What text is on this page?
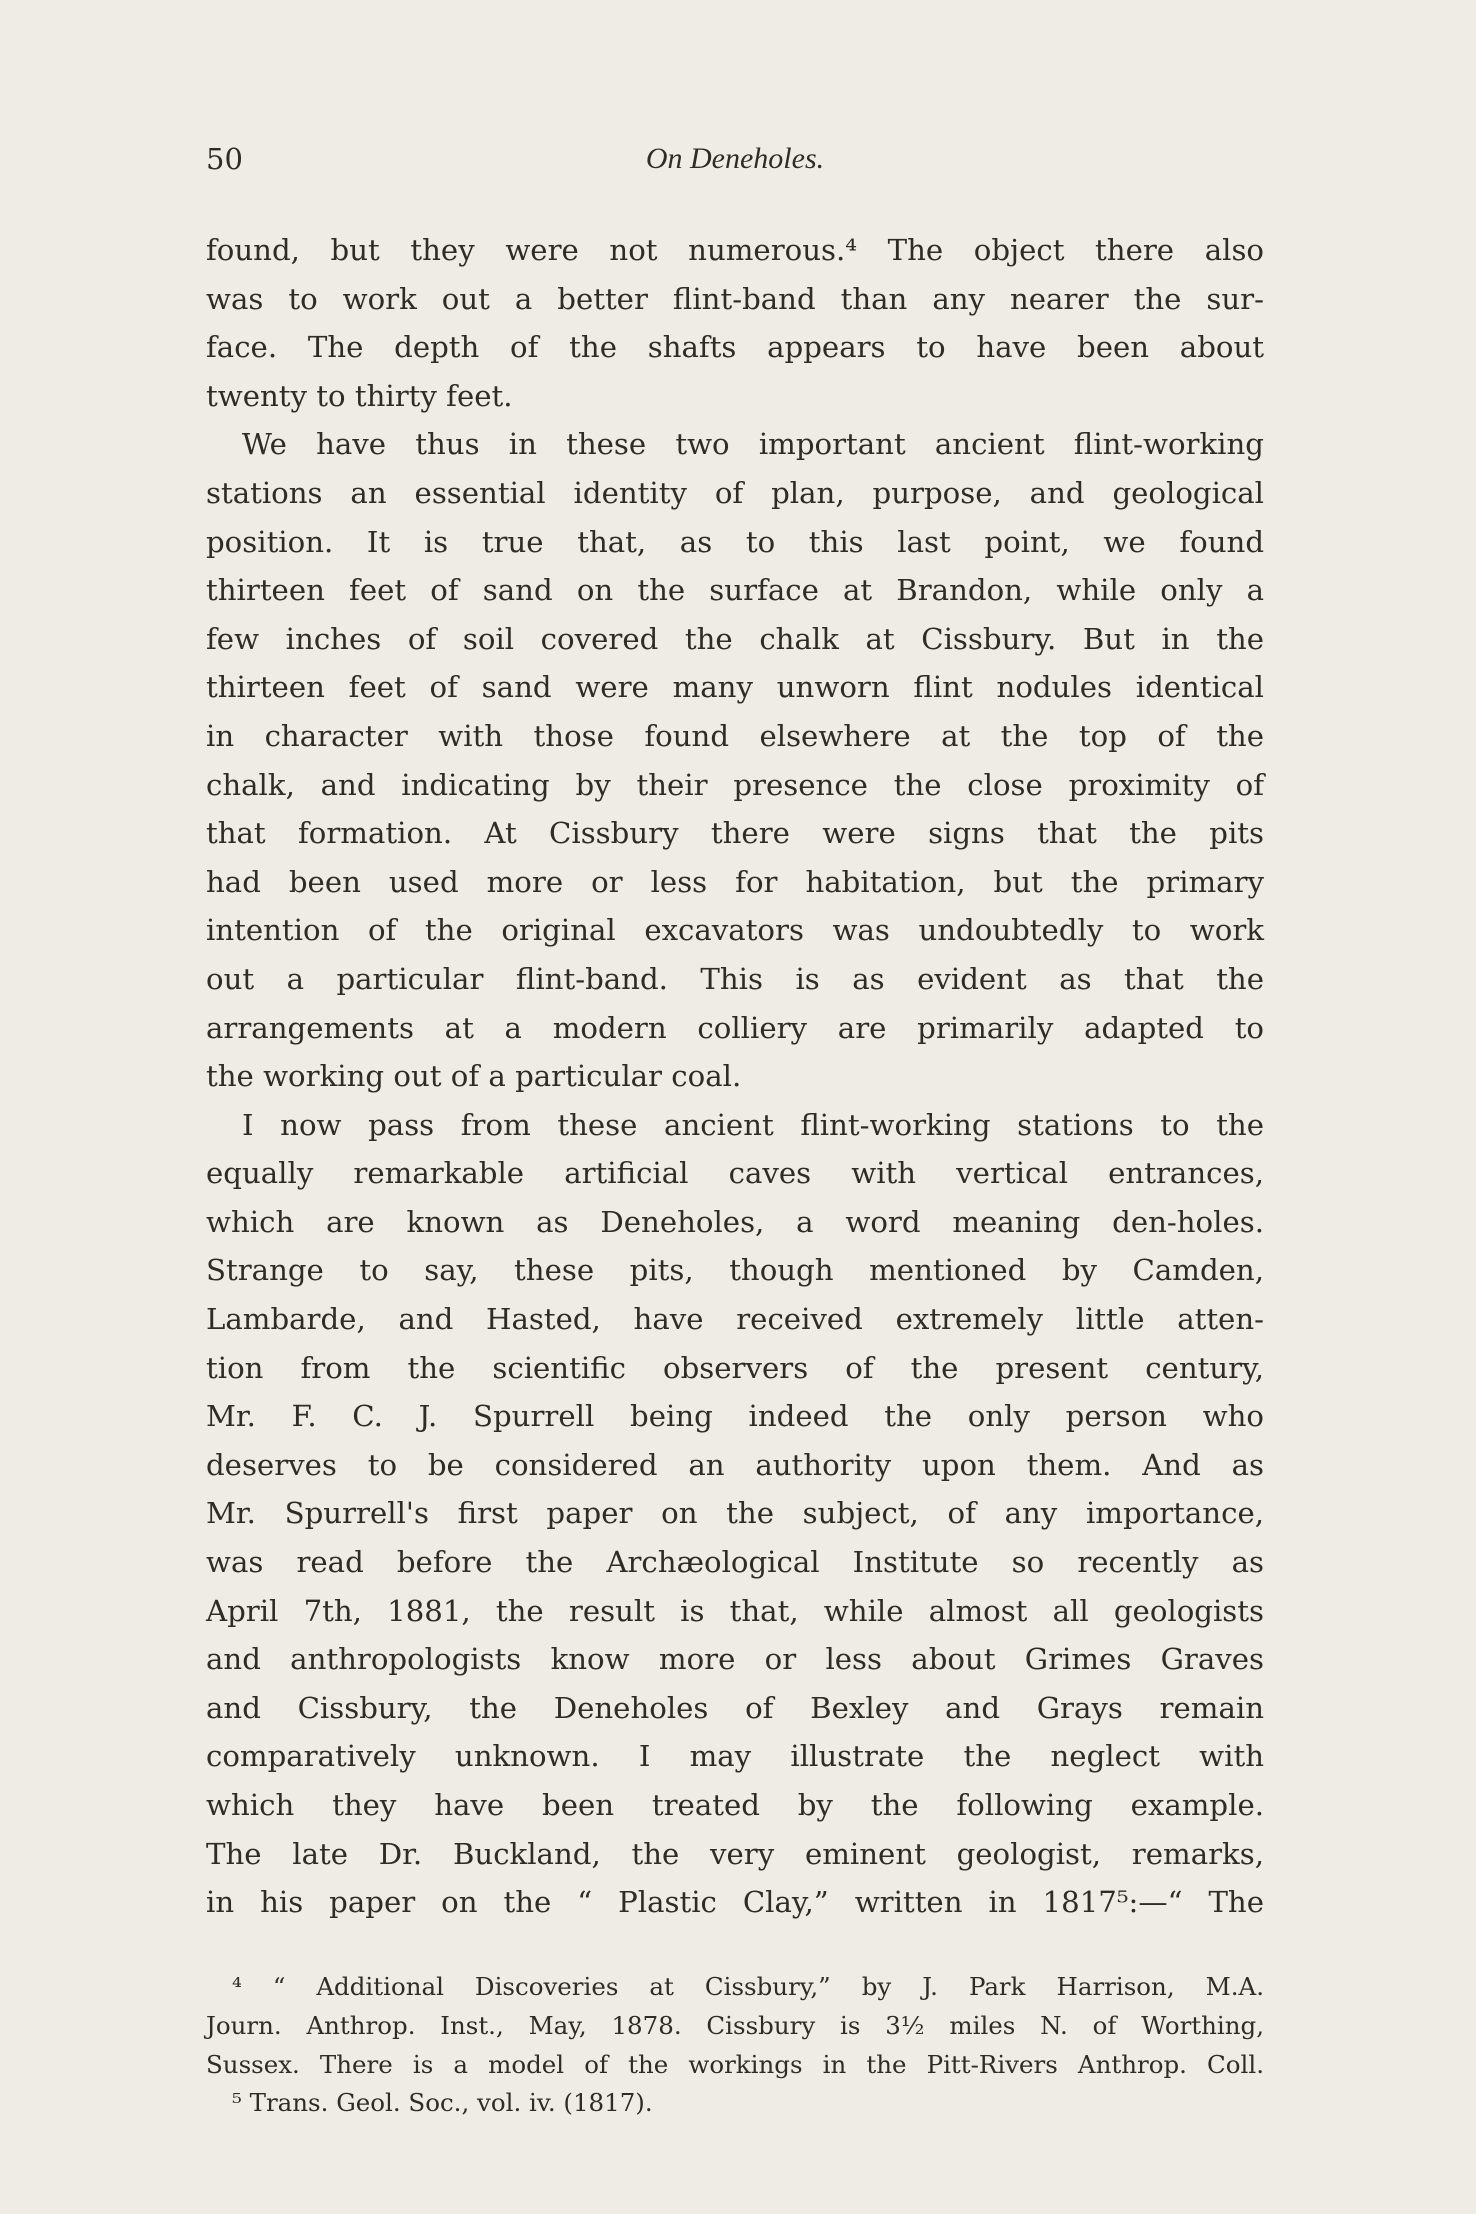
50	On Deneholes.

found, but they were not numerous.⁴ The object there also
was to work out a better flint-band than any nearer the sur-
face. The depth of the shafts appears to have been about
twenty to thirty feet.
We have thus in these two important ancient flint-working
stations an essential identity of plan, purpose, and geological
position. It is true that, as to this last point, we found
thirteen feet of sand on the surface at Brandon, while only a
few inches of soil covered the chalk at Cissbury. But in the
thirteen feet of sand were many unworn flint nodules identical
in character with those found elsewhere at the top of the
chalk, and indicating by their presence the close proximity of
that formation. At Cissbury there were signs that the pits
had been used more or less for habitation, but the primary
intention of the original excavators was undoubtedly to work
out a particular flint-band. This is as evident as that the
arrangements at a modern colliery are primarily adapted to
the working out of a particular coal.
I now pass from these ancient flint-working stations to the
equally remarkable artificial caves with vertical entrances,
which are known as Deneholes, a word meaning den-holes.
Strange to say, these pits, though mentioned by Camden,
Lambarde, and Hasted, have received extremely little atten-
tion from the scientific observers of the present century,
Mr. F. C. J. Spurrell being indeed the only person who
deserves to be considered an authority upon them. And as
Mr. Spurrell's first paper on the subject, of any importance,
was read before the Archæological Institute so recently as
April 7th, 1881, the result is that, while almost all geologists
and anthropologists know more or less about Grimes Graves
and Cissbury, the Deneholes of Bexley and Grays remain
comparatively unknown. I may illustrate the neglect with
which they have been treated by the following example.
The late Dr. Buckland, the very eminent geologist, remarks,
in his paper on the “ Plastic Clay,” written in 1817⁵:—“ The

⁴ “ Additional Discoveries at Cissbury,” by J. Park Harrison, M.A.
Journ. Anthrop. Inst., May, 1878. Cissbury is 3½ miles N. of Worthing,
Sussex. There is a model of the workings in the Pitt-Rivers Anthrop. Coll.
⁵ Trans. Geol. Soc., vol. iv. (1817).
